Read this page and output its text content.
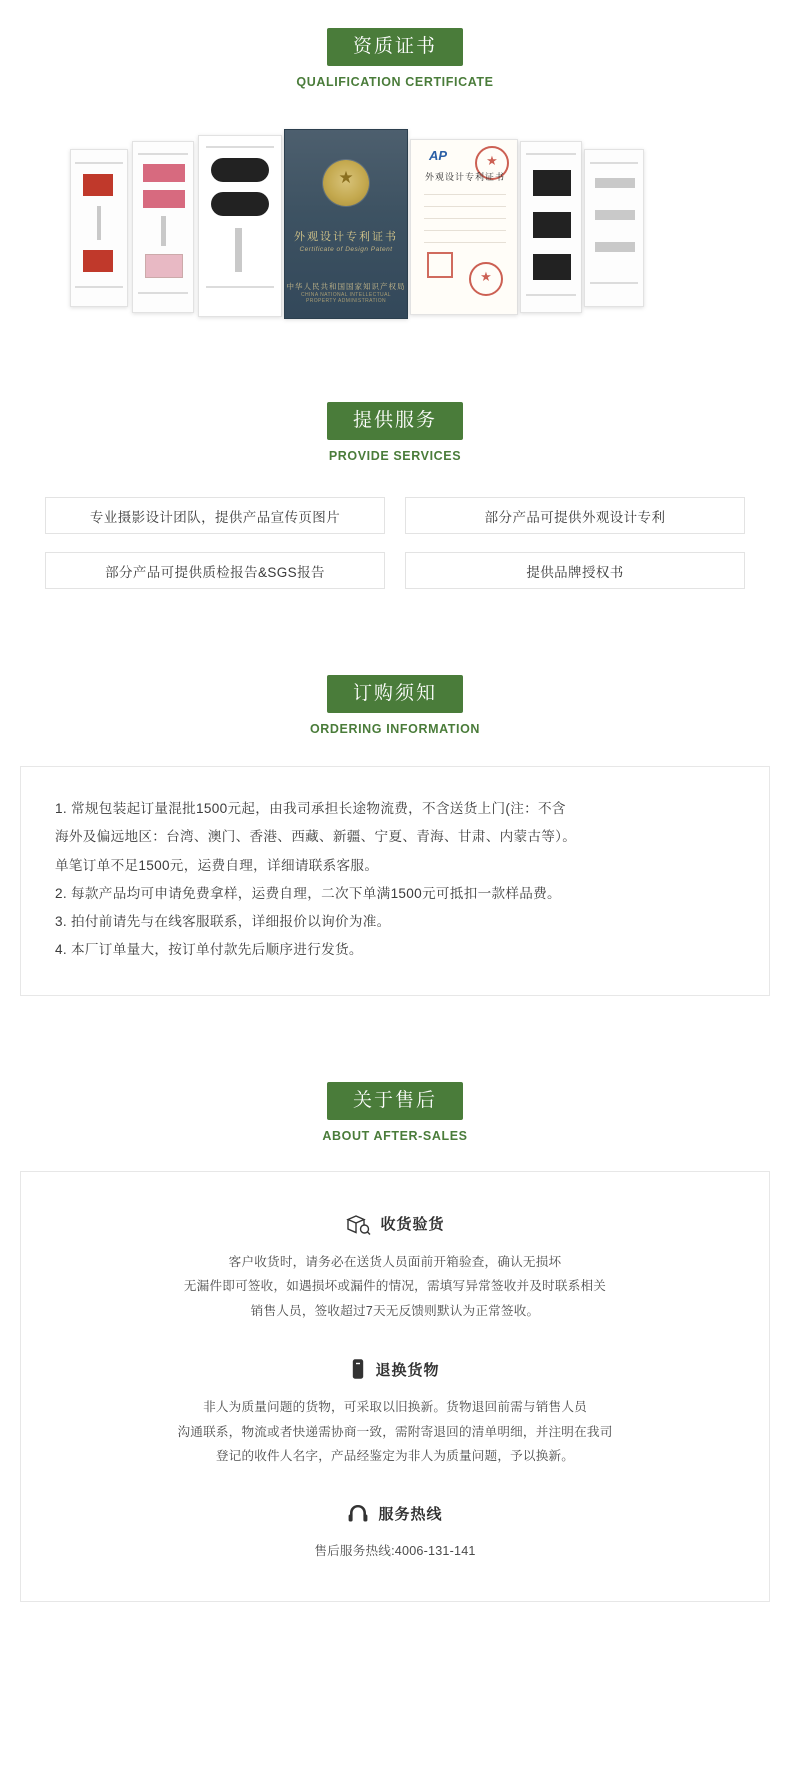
资质证书
QUALIFICATION CERTIFICATE
★
外观设计专利证书
Certificate of Design Patent
中华人民共和国国家知识产权局
CHINA NATIONAL INTELLECTUAL PROPERTY ADMINISTRATION
AP
★
外观设计专利证书
★
提供服务
PROVIDE SERVICES
专业摄影设计团队，提供产品宣传页图片	部分产品可提供外观设计专利
部分产品可提供质检报告&SGS报告	提供品牌授权书
订购须知
ORDERING INFORMATION

1. 常规包装起订量混批1500元起，由我司承担长途物流费，不含送货上门(注：不含

海外及偏远地区：台湾、澳门、香港、西藏、新疆、宁夏、青海、甘肃、内蒙古等）。

单笔订单不足1500元，运费自理，详细请联系客服。

2. 每款产品均可申请免费拿样，运费自理，二次下单满1500元可抵扣一款样品费。

3. 拍付前请先与在线客服联系，详细报价以询价为准。

4. 本厂订单量大，按订单付款先后顺序进行发货。

关于售后
ABOUT AFTER-SALES
收货验货
客户收货时，请务必在送货人员面前开箱验查，确认无损坏
无漏件即可签收，如遇损坏或漏件的情况，需填写异常签收并及时联系相关
销售人员，签收超过7天无反馈则默认为正常签收。
退换货物
非人为质量问题的货物，可采取以旧换新。货物退回前需与销售人员
沟通联系，物流或者快递需协商一致，需附寄退回的清单明细，并注明在我司
登记的收件人名字，产品经鉴定为非人为质量问题，予以换新。
服务热线
售后服务热线:4006-131-141
